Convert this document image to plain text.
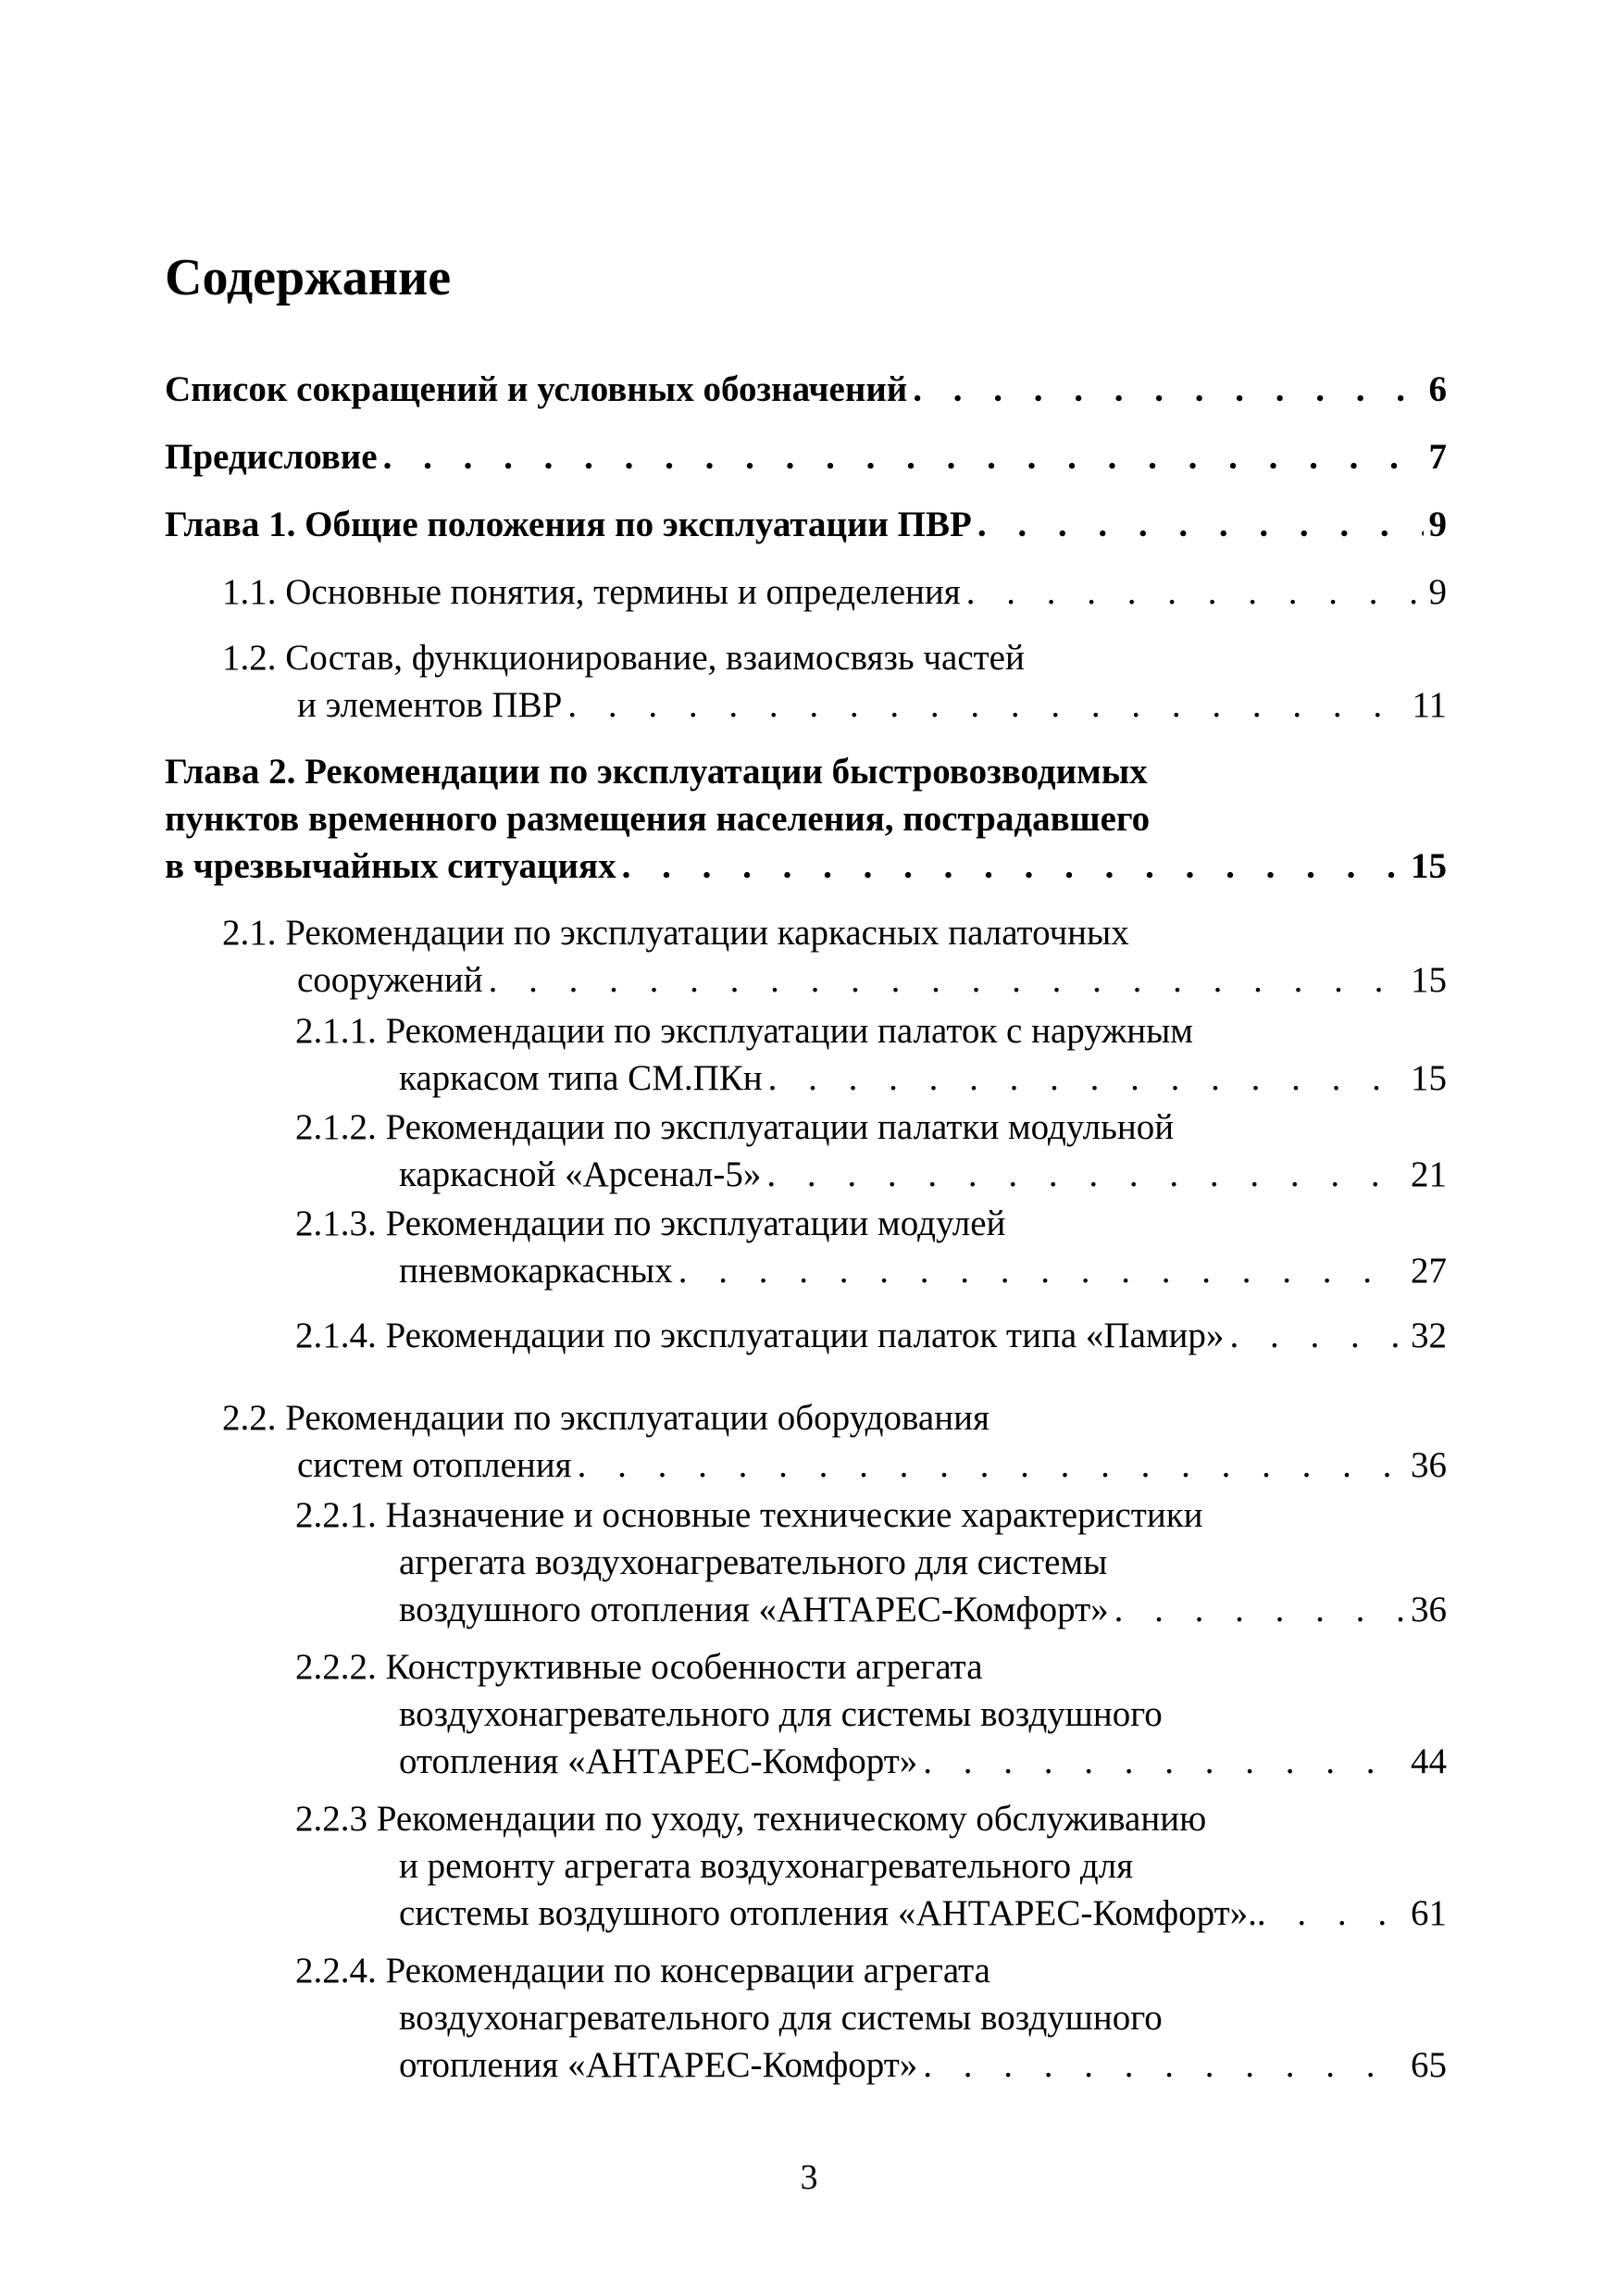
Содержание
Список сокращений и условных обозначений . . .	6
Предисловие . . .	7
Глава 1. Общие положения по эксплуатации ПВР . . .	9
1.1. Основные понятия, термины и определения . . .	9
1.2. Состав, функционирование, взаимосвязь частей
и элементов ПВР . . .	11
Глава 2. Рекомендации по эксплуатации быстровозводимых
пунктов временного размещения населения, пострадавшего
в чрезвычайных ситуациях . . .	15
2.1. Рекомендации по эксплуатации каркасных палаточных
сооружений . . .	15
2.1.1. Рекомендации по эксплуатации палаток с наружным
каркасом типа СМ.ПКн . . .	15
2.1.2. Рекомендации по эксплуатации палатки модульной
каркасной «Арсенал-5» . . .	21
2.1.3. Рекомендации по эксплуатации модулей
пневмокаркасных . . .	27
2.1.4. Рекомендации по эксплуатации палаток типа «Памир» . . .	32
2.2. Рекомендации по эксплуатации оборудования
систем отопления . . .	36
2.2.1. Назначение и основные технические характеристики
агрегата воздухонагревательного для системы
воздушного отопления «АНТАРЕС-Комфорт» . . .	36
2.2.2. Конструктивные особенности агрегата
воздухонагревательного для системы воздушного
отопления «АНТАРЕС-Комфорт» . . .	44
2.2.3 Рекомендации по уходу, техническому обслуживанию
и ремонту агрегата воздухонагревательного для
системы воздушного отопления «АНТАРЕС-Комфорт». . . .	61
2.2.4. Рекомендации по консервации агрегата
воздухонагревательного для системы воздушного
отопления «АНТАРЕС-Комфорт» . . .	65
3
